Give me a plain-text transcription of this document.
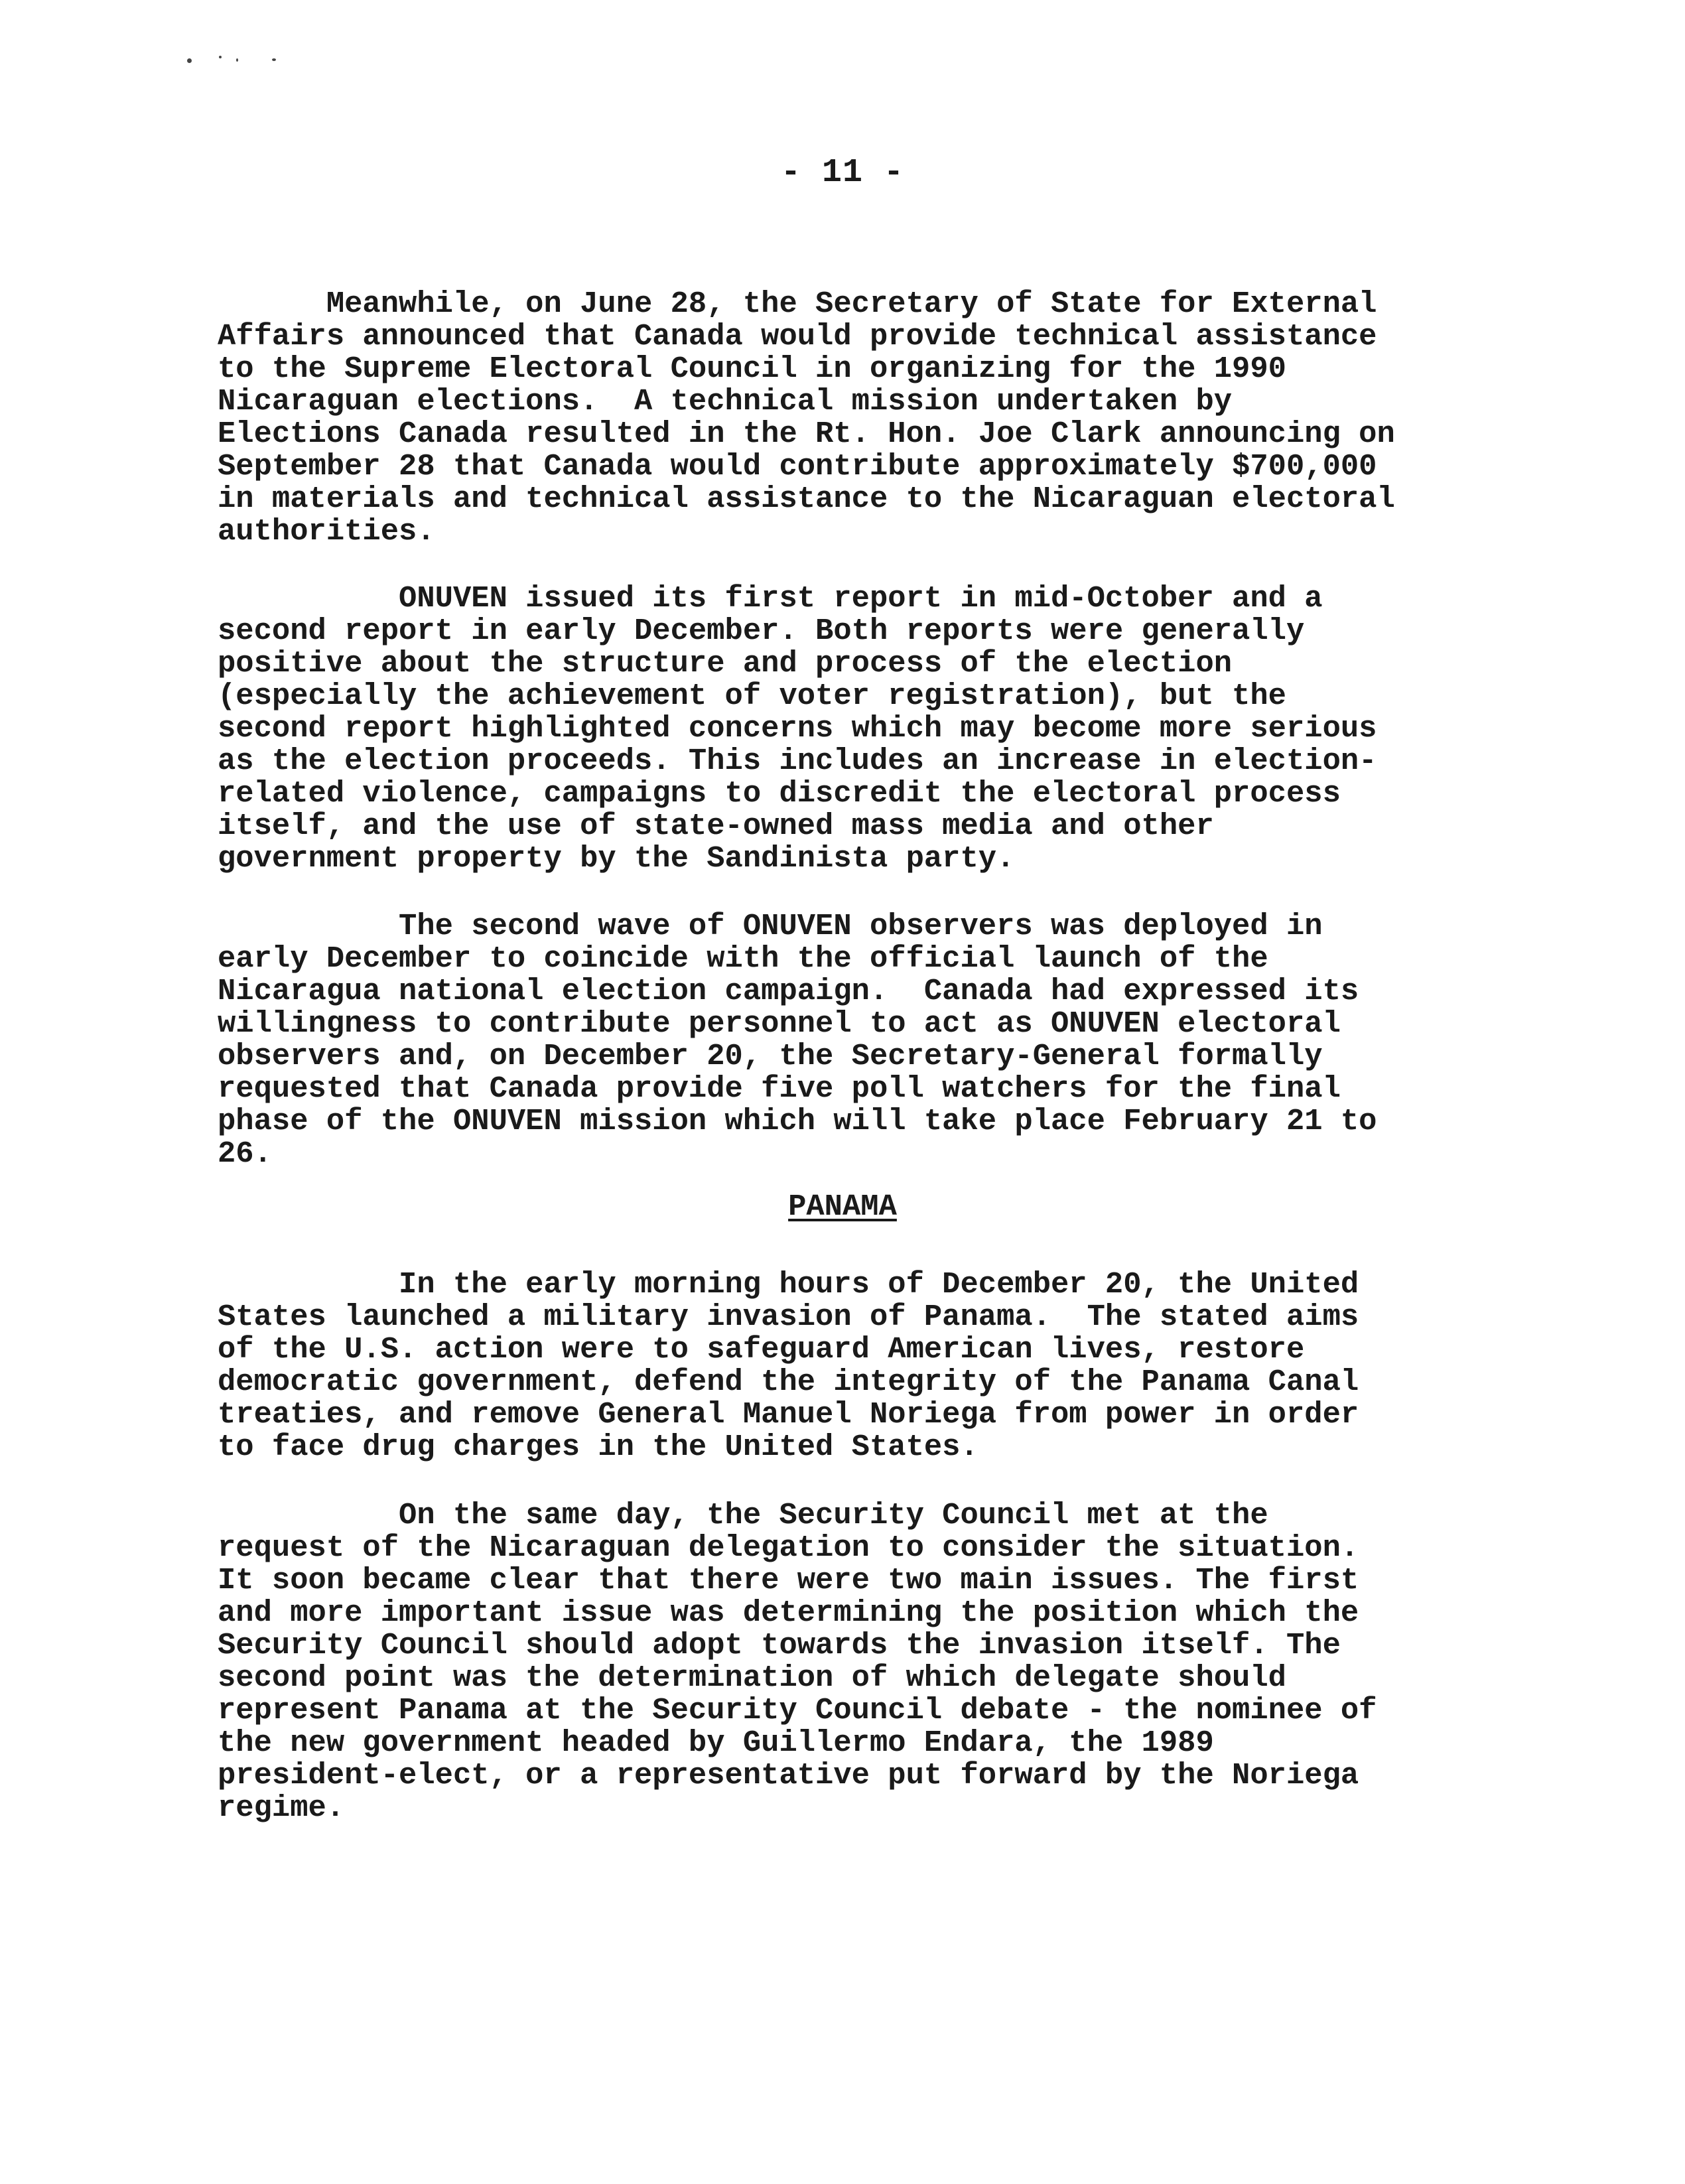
- 11 -

Meanwhile, on June 28, the Secretary of State for External
Affairs announced that Canada would provide technical assistance
to the Supreme Electoral Council in organizing for the 1990
Nicaraguan elections.  A technical mission undertaken by
Elections Canada resulted in the Rt. Hon. Joe Clark announcing on
September 28 that Canada would contribute approximately $700,000
in materials and technical assistance to the Nicaraguan electoral
authorities.

ONUVEN issued its first report in mid-October and a
second report in early December. Both reports were generally
positive about the structure and process of the election
(especially the achievement of voter registration), but the
second report highlighted concerns which may become more serious
as the election proceeds. This includes an increase in election-
related violence, campaigns to discredit the electoral process
itself, and the use of state-owned mass media and other
government property by the Sandinista party.

The second wave of ONUVEN observers was deployed in
early December to coincide with the official launch of the
Nicaragua national election campaign.  Canada had expressed its
willingness to contribute personnel to act as ONUVEN electoral
observers and, on December 20, the Secretary-General formally
requested that Canada provide five poll watchers for the final
phase of the ONUVEN mission which will take place February 21 to
26.

PANAMA

In the early morning hours of December 20, the United
States launched a military invasion of Panama.  The stated aims
of the U.S. action were to safeguard American lives, restore
democratic government, defend the integrity of the Panama Canal
treaties, and remove General Manuel Noriega from power in order
to face drug charges in the United States.

On the same day, the Security Council met at the
request of the Nicaraguan delegation to consider the situation.
It soon became clear that there were two main issues. The first
and more important issue was determining the position which the
Security Council should adopt towards the invasion itself. The
second point was the determination of which delegate should
represent Panama at the Security Council debate - the nominee of
the new government headed by Guillermo Endara, the 1989
president-elect, or a representative put forward by the Noriega
regime.
